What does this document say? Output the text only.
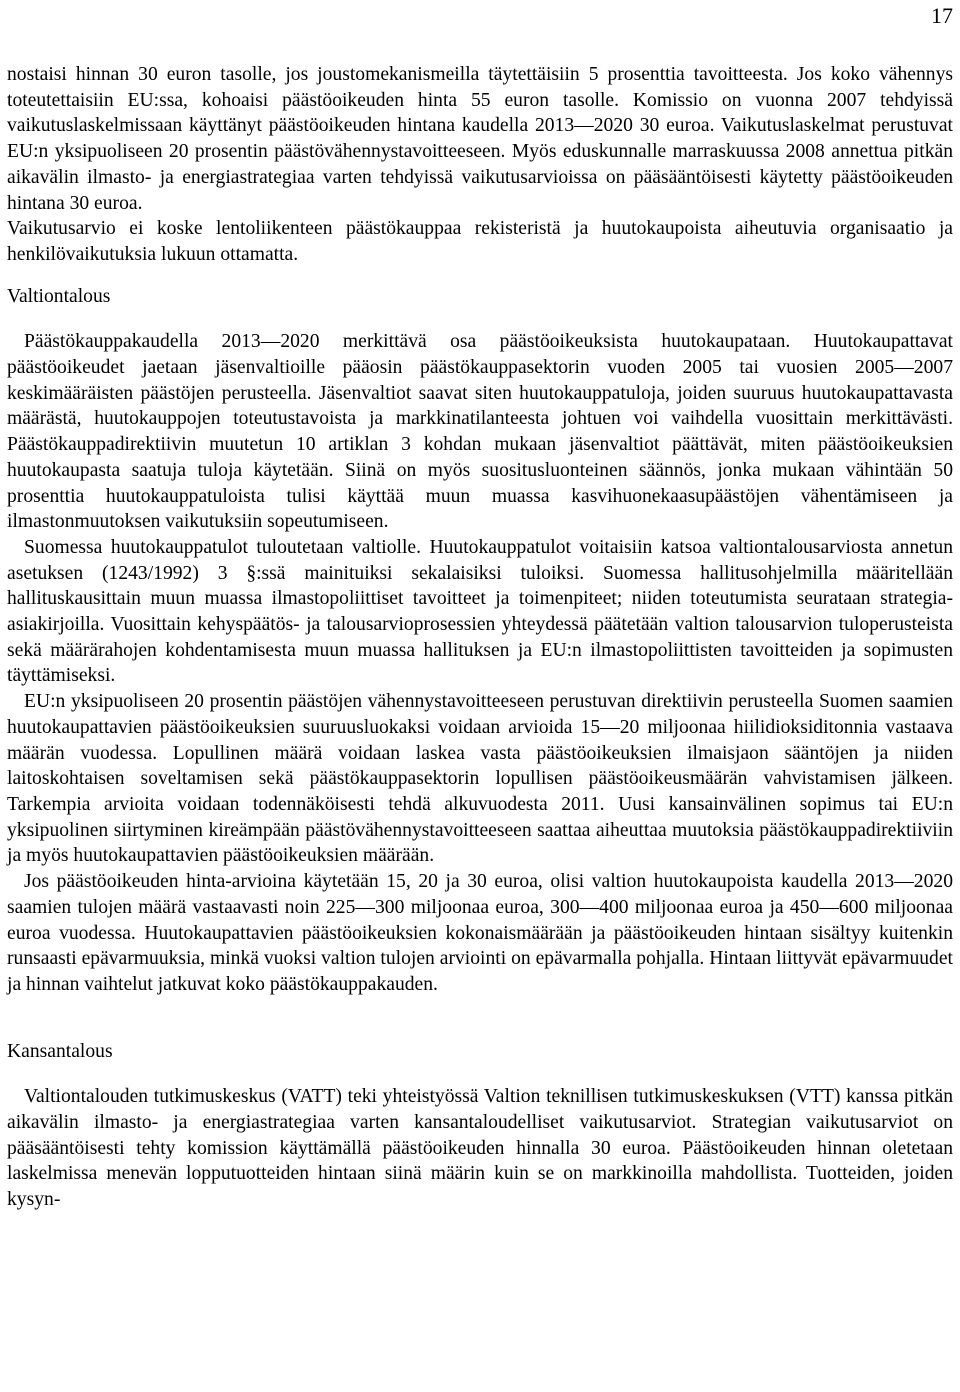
17

nostaisi hinnan 30 euron tasolle, jos joustomekanismeilla täytettäisiin 5 prosenttia tavoitteesta. Jos koko vähennys toteutettaisiin EU:ssa, kohoaisi päästöoikeuden hinta 55 euron tasolle. Komissio on vuonna 2007 tehdyissä vaikutuslaskelmissaan käyttänyt päästöoikeuden hintana kaudella 2013—2020 30 euroa. Vaikutuslaskelmat perustuvat EU:n yksipuoliseen 20 prosentin päästövähennystavoitteeseen. Myös eduskunnalle marraskuussa 2008 annettua pitkän aikavälin ilmasto- ja energiastrategiaa varten tehdyissä vaikutusarvioissa on pääsääntöisesti käytetty päästöoikeuden hintana 30 euroa.

Vaikutusarvio ei koske lentoliikenteen päästökauppaa rekisteristä ja huutokaupoista aiheutuvia organisaatio ja henkilövaikutuksia lukuun ottamatta.

Valtiontalous

Päästökauppakaudella 2013—2020 merkittävä osa päästöoikeuksista huutokaupataan. Huutokaupattavat päästöoikeudet jaetaan jäsenvaltioille pääosin päästökauppasektorin vuoden 2005 tai vuosien 2005—2007 keskimääräisten päästöjen perusteella. Jäsenvaltiot saavat siten huutokauppatuloja, joiden suuruus huutokaupattavasta määrästä, huutokauppojen toteutustavoista ja markkinatilanteesta johtuen voi vaihdella vuosittain merkittävästi. Päästökauppadirektiivin muutetun 10 artiklan 3 kohdan mukaan jäsenvaltiot päättävät, miten päästöoikeuksien huutokaupasta saatuja tuloja käytetään. Siinä on myös suositusluonteinen säännös, jonka mukaan vähintään 50 prosenttia huutokauppatuloista tulisi käyttää muun muassa kasvihuonekaasupäästöjen vähentämiseen ja ilmastonmuutoksen vaikutuksiin sopeutumiseen.

Suomessa huutokauppatulot tuloutetaan valtiolle. Huutokauppatulot voitaisiin katsoa valtiontalousarviosta annetun asetuksen (1243/1992) 3 §:ssä mainituiksi sekalaisiksi tuloiksi. Suomessa hallitusohjelmilla määritellään hallituskausittain muun muassa ilmastopoliittiset tavoitteet ja toimenpiteet; niiden toteutumista seurataan strategia-asiakirjoilla. Vuosittain kehyspäätös- ja talousarvioprosessien yhteydessä päätetään valtion talousarvion tuloperusteista sekä määrärahojen kohdentamisesta muun muassa hallituksen ja EU:n ilmastopoliittisten tavoitteiden ja sopimusten täyttämiseksi.

EU:n yksipuoliseen 20 prosentin päästöjen vähennystavoitteeseen perustuvan direktiivin perusteella Suomen saamien huutokaupattavien päästöoikeuksien suuruusluokaksi voidaan arvioida 15—20 miljoonaa hiilidioksiditonnia vastaava määrän vuodessa. Lopullinen määrä voidaan laskea vasta päästöoikeuksien ilmaisjaon sääntöjen ja niiden laitoskohtaisen soveltamisen sekä päästökauppasektorin lopullisen päästöoikeusmäärän vahvistamisen jälkeen. Tarkempia arvioita voidaan todennäköisesti tehdä alkuvuodesta 2011. Uusi kansainvälinen sopimus tai EU:n yksipuolinen siirtyminen kireämpään päästövähennystavoitteeseen saattaa aiheuttaa muutoksia päästökauppadirektiiviin ja myös huutokaupattavien päästöoikeuksien määrään.

Jos päästöoikeuden hinta-arvioina käytetään 15, 20 ja 30 euroa, olisi valtion huutokaupoista kaudella 2013—2020 saamien tulojen määrä vastaavasti noin 225—300 miljoonaa euroa, 300—400 miljoonaa euroa ja 450—600 miljoonaa euroa vuodessa. Huutokaupattavien päästöoikeuksien kokonaismäärään ja päästöoikeuden hintaan sisältyy kuitenkin runsaasti epävarmuuksia, minkä vuoksi valtion tulojen arviointi on epävarmalla pohjalla. Hintaan liittyvät epävarmuudet ja hinnan vaihtelut jatkuvat koko päästökauppakauden.

Kansantalous

Valtiontalouden tutkimuskeskus (VATT) teki yhteistyössä Valtion teknillisen tutkimuskeskuksen (VTT) kanssa pitkän aikavälin ilmasto- ja energiastrategiaa varten kansantaloudelliset vaikutusarviot. Strategian vaikutusarviot on pääsääntöisesti tehty komission käyttämällä päästöoikeuden hinnalla 30 euroa. Päästöoikeuden hinnan oletetaan laskelmissa menevän lopputuotteiden hintaan siinä määrin kuin se on markkinoilla mahdollista. Tuotteiden, joiden kysyn-
